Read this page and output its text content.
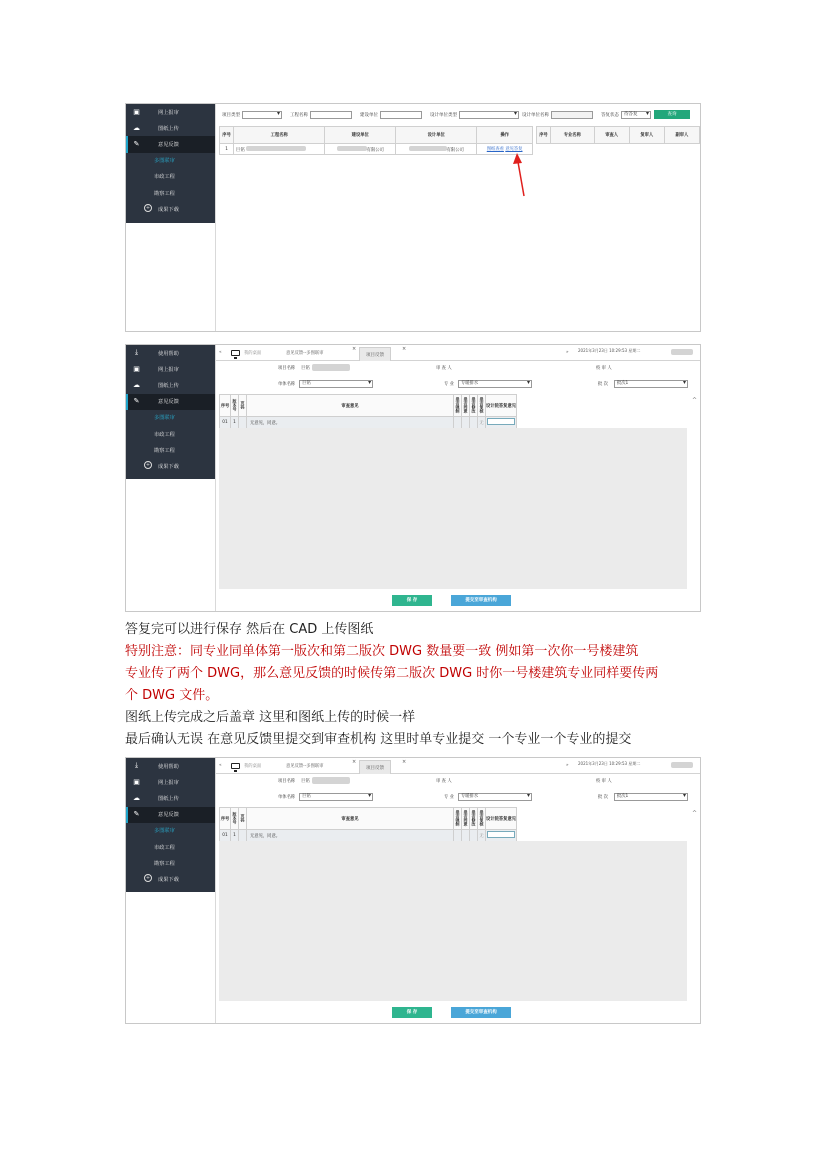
▣	网上报审
☁	图纸上传
✎	意见反馈
多图联审
市政工程
勘察工程
+	成果下载
项目类型 ▾	工程名称	建设单位	设计单位类型 ▾	设计单位名称	答复状态	待答复 ▾	查询
序号	工程名称	建设单位	设计单位	操作
1	巨铭	有限公司	有限公司	图纸查看 意见答复
序号	专业名称	审查人	复审人	副审人
⤓	使用帮助
▣	网上报审
☁	图纸上传
✎	意见反馈
多图联审
市政工程
勘察工程
+	成果下载
«	我的桌面	意见反馈--多图联审
×
项目反馈
×
» 2021年3月23日 10:29:53 星期二
项目名称 巨铭	审 查 人	校 审 人
单体名称	巨铭 ▾	专 业	专暖排水 ▾	批 次	批次1 ▾
序号	版本号	页码	审查意见	是否强制	是否同意	是否修改	是否复核	设计院答复意见
01	1		无意见，同意。				无	
^
保 存	提交至审查机构
答复完可以进行保存 然后在 CAD 上传图纸
特别注意：同专业同单体第一版次和第二版次 DWG 数量要一致 例如第一次你一号楼建筑
专业传了两个 DWG，那么意见反馈的时候传第二版次 DWG 时你一号楼建筑专业同样要传两
个 DWG 文件。
图纸上传完成之后盖章 这里和图纸上传的时候一样
最后确认无误 在意见反馈里提交到审查机构 这里时单专业提交 一个专业一个专业的提交
⤓	使用帮助
▣	网上报审
☁	图纸上传
✎	意见反馈
多图联审
市政工程
勘察工程
+	成果下载
«	我的桌面	意见反馈--多图联审
×
项目反馈
×
» 2021年3月23日 10:29:53 星期二
项目名称 巨铭	审 查 人	校 审 人
单体名称	巨铭 ▾	专 业	专暖排水 ▾	批 次	批次1 ▾
序号	版本号	页码	审查意见	是否强制	是否同意	是否修改	是否复核	设计院答复意见
01	1		无意见，同意。				无	
^
保 存	提交至审查机构
